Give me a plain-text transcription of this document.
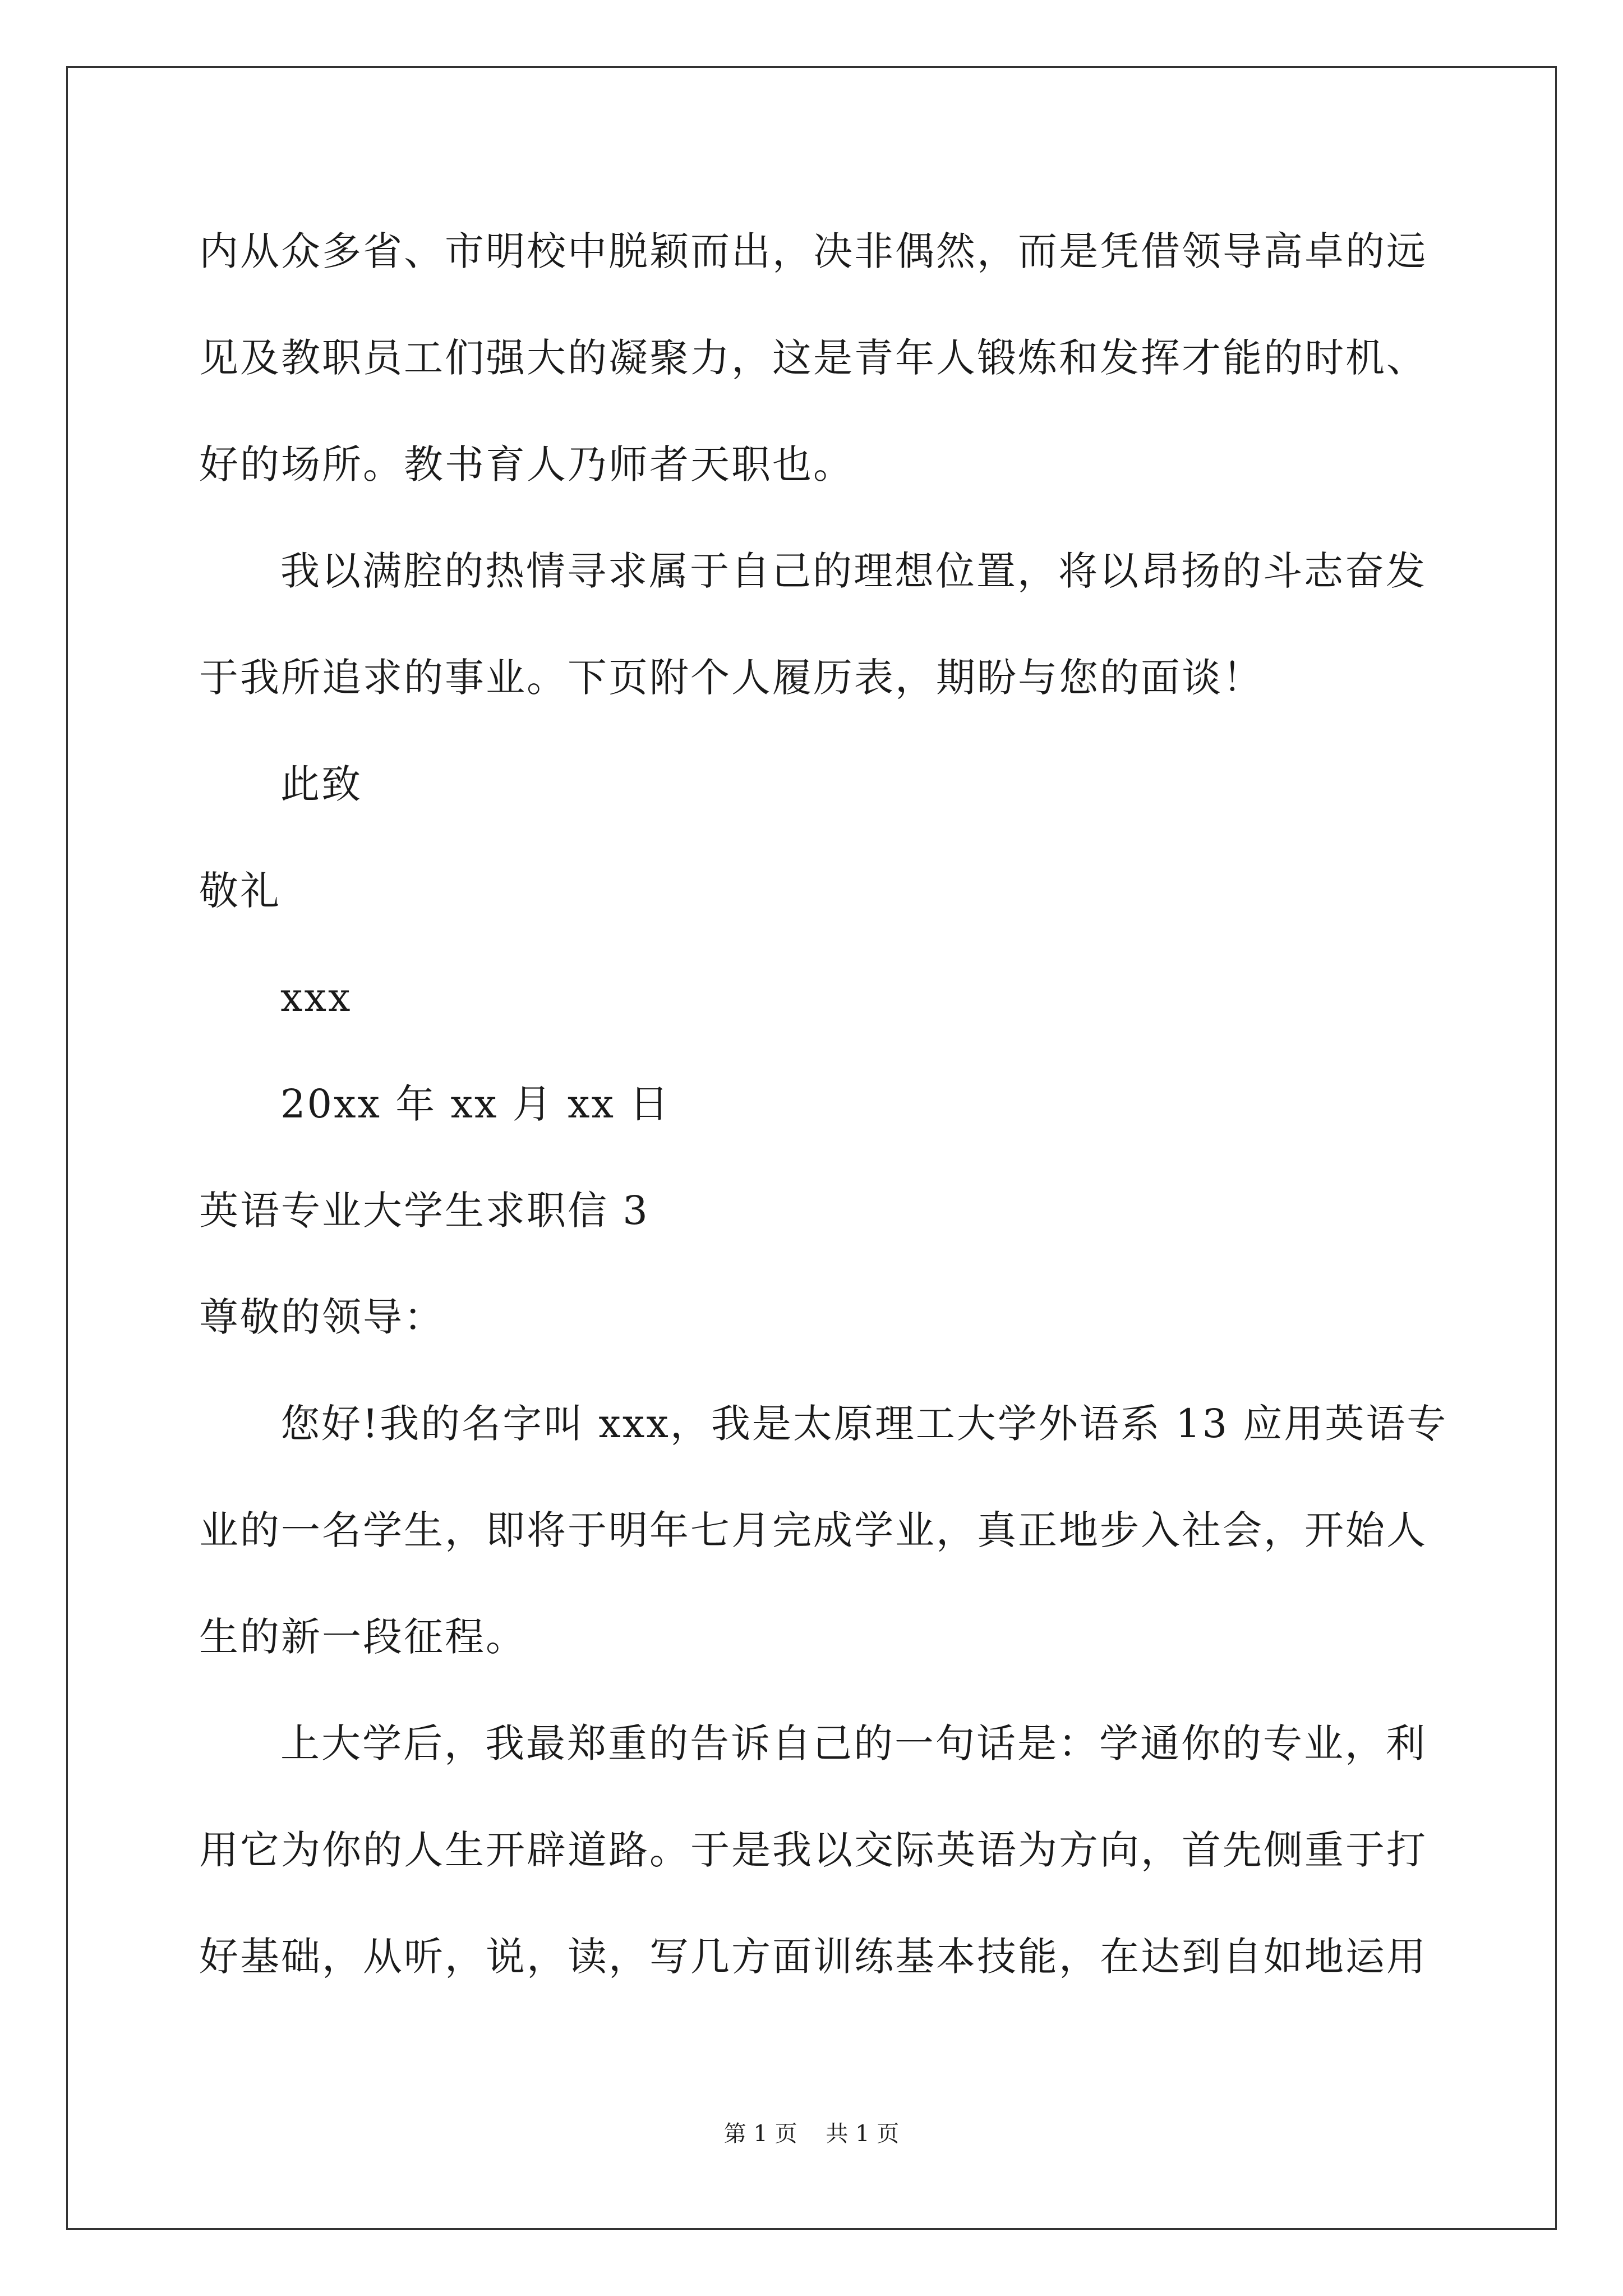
内从众多省、市明校中脱颖而出，决非偶然，而是凭借领导高卓的远
见及教职员工们强大的凝聚力，这是青年人锻炼和发挥才能的时机、
好的场所。教书育人乃师者天职也。
我以满腔的热情寻求属于自己的理想位置，将以昂扬的斗志奋发
于我所追求的事业。下页附个人履历表，期盼与您的面谈！
此致
敬礼
xxx
20xx 年 xx 月 xx 日
英语专业大学生求职信 3
尊敬的领导：
您好!我的名字叫 xxx，我是太原理工大学外语系 13 应用英语专
业的一名学生，即将于明年七月完成学业，真正地步入社会，开始人
生的新一段征程。
上大学后，我最郑重的告诉自己的一句话是：学通你的专业，利
用它为你的人生开辟道路。于是我以交际英语为方向，首先侧重于打
好基础，从听，说，读，写几方面训练基本技能，在达到自如地运用
第 1 页    共 1 页
